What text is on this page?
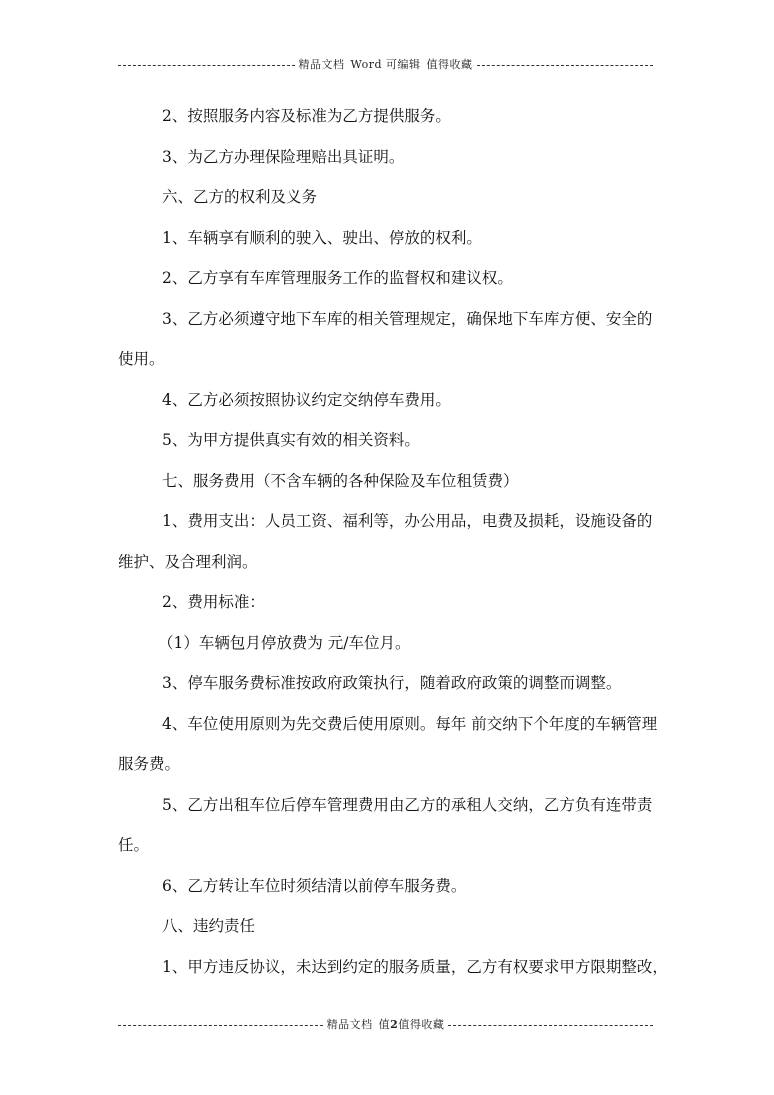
精品文档 Word 可编辑 值得收藏

2、按照服务内容及标准为乙方提供服务。

3、为乙方办理保险理赔出具证明。

六、乙方的权利及义务

1、车辆享有顺利的驶入、驶出、停放的权利。

2、乙方享有车库管理服务工作的监督权和建议权。

3、乙方必须遵守地下车库的相关管理规定，确保地下车库方便、安全的

使用。

4、乙方必须按照协议约定交纳停车费用。

5、为甲方提供真实有效的相关资料。

七、服务费用（不含车辆的各种保险及车位租赁费）

1、费用支出：人员工资、福利等，办公用品，电费及损耗，设施设备的

维护、及合理利润。

2、费用标准：

（1）车辆包月停放费为 元/车位月。

3、停车服务费标准按政府政策执行，随着政府政策的调整而调整。

4、车位使用原则为先交费后使用原则。每年 前交纳下个年度的车辆管理

服务费。

5、乙方出租车位后停车管理费用由乙方的承租人交纳，乙方负有连带责

任。

6、乙方转让车位时须结清以前停车服务费。

八、违约责任

1、甲方违反协议，未达到约定的服务质量，乙方有权要求甲方限期整改，

精品文档 值2值得收藏
